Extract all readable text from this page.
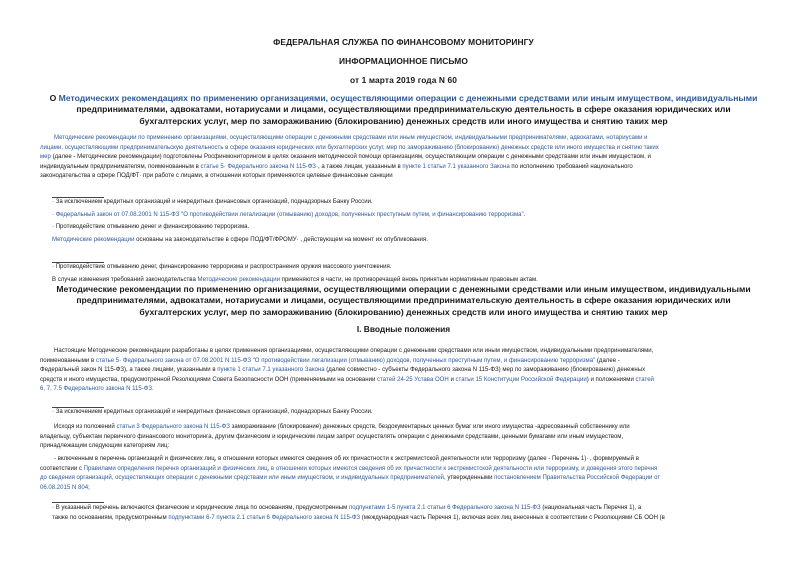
ФЕДЕРАЛЬНАЯ СЛУЖБА ПО ФИНАНСОВОМУ МОНИТОРИНГУ
ИНФОРМАЦИОННОЕ ПИСЬМО
от 1 марта 2019 года N 60
О Методических рекомендациях по применению организациями, осуществляющими операции с денежными средствами или иным имуществом, индивидуальными
предпринимателями, адвокатами, нотариусами и лицами, осуществляющими предпринимательскую деятельность в сфере оказания юридических или
бухгалтерских услуг, мер по замораживанию (блокированию) денежных средств или иного имущества и снятию таких мер
Методические рекомендации по применению организациями, осуществляющими операции с денежными средствами или иным имуществом, индивидуальными предпринимателями, адвокатами, нотариусами и
лицами, осуществляющими предпринимательскую деятельность в сфере оказания юридических или бухгалтерских услуг, мер по замораживанию (блокированию) денежных средств или иного имущества и снятию таких
мер (далее - Методические рекомендации) подготовлены Росфинмониторингом в целях оказания методической помощи организациям, осуществляющим операции с денежными средствами или иным имуществом, и
индивидуальным предпринимателям, поименованным в статье 5· Федерального закона N 115-ФЗ·, а также лицам, указанным в пункте 1 статьи 7.1 указанного Закона по исполнению требований национального
законодательства в сфере ПОД/ФТ· при работе с лицами, в отношении которых применяются целевые финансовые санкции
· За исключением кредитных организаций и некредитных финансовых организаций, поднадзорных Банку России.
· Федеральный закон от 07.08.2001 N 115-ФЗ "О противодействии легализации (отмыванию) доходов, полученных преступным путем, и финансированию терроризма".
· Противодействие отмыванию денег и финансированию терроризма.
Методические рекомендации основаны на законодательстве в сфере ПОД/ФТ/ФРОМУ· , действующем на момент их опубликования.
· Противодействие отмыванию денег, финансированию терроризма и распространения оружия массового уничтожения.
В случае изменения требований законодательства Методические рекомендации применяются в части, не противоречащей вновь принятым нормативным правовым актам.
Методические рекомендации по применению организациями, осуществляющими операции с денежными средствами или иным имуществом, индивидуальными
предпринимателями, адвокатами, нотариусами и лицами, осуществляющими предпринимательскую деятельность в сфере оказания юридических или
бухгалтерских услуг, мер по замораживанию (блокированию) денежных средств или иного имущества и снятию таких мер
I. Вводные положения
Настоящие Методические рекомендации разработаны в целях применения организациями, осуществляющими операции с денежными средствами или иным имуществом, индивидуальными предпринимателями,
поименованными в статье 5· Федерального закона от 07.08.2001 N 115-ФЗ "О противодействии легализации (отмыванию) доходов, полученных преступным путем, и финансированию терроризма" (далее -
Федеральный закон N 115-ФЗ), а также лицами, указанными в пункте 1 статьи 7.1 указанного Закона (далее совместно - субъекты Федерального закона N 115-ФЗ) мер по замораживанию (блокированию) денежных
средств и иного имущества, предусмотренной Резолюциями Совета Безопасности ООН (применяемыми на основании статей 24-25 Устава ООН и статьи 15 Конституции Российской Федерации) и положениями статей
6, 7, 7.5 Федерального закона N 115-ФЗ.
· За исключением кредитных организаций и некредитных финансовых организаций, поднадзорных Банку России.
Исходя из положений статьи 3 Федерального закона N 115-ФЗ замораживание (блокирование) денежных средств, бездокументарных ценных бумаг или иного имущества -адресованный собственнику или
владельцу, субъектам первичного финансового мониторинга, другим физическим и юридическим лицам запрет осуществлять операции с денежными средствами, ценными бумагами или иным имуществом,
принадлежащим следующим категориям лиц:
- включенным в перечень организаций и физических лиц, в отношении которых имеются сведения об их причастности к экстремистской деятельности или терроризму (далее - Перечень 1)· , формируемый в
соответствии с Правилами определения перечня организаций и физических лиц, в отношении которых имеются сведения об их причастности к экстремистской деятельности или терроризму, и доведения этого перечня
до сведения организаций, осуществляющих операции с денежными средствами или иным имуществом, и индивидуальных предпринимателей, утвержденными постановлением Правительства Российской Федерации от
06.08.2015 N 804;
· В указанный перечень включаются физические и юридические лица по основаниям, предусмотренным подпунктами 1-5 пункта 2.1 статьи 6 Федерального закона N 115-ФЗ (национальная часть Перечня 1), а
также по основаниям, предусмотренным подпунктами 6-7 пункта 2.1 статьи 6 Федерального закона N 115-ФЗ (международная часть Перечня 1), включая всех лиц внесенных в соответствии с Резолюциями СБ ООН (в
